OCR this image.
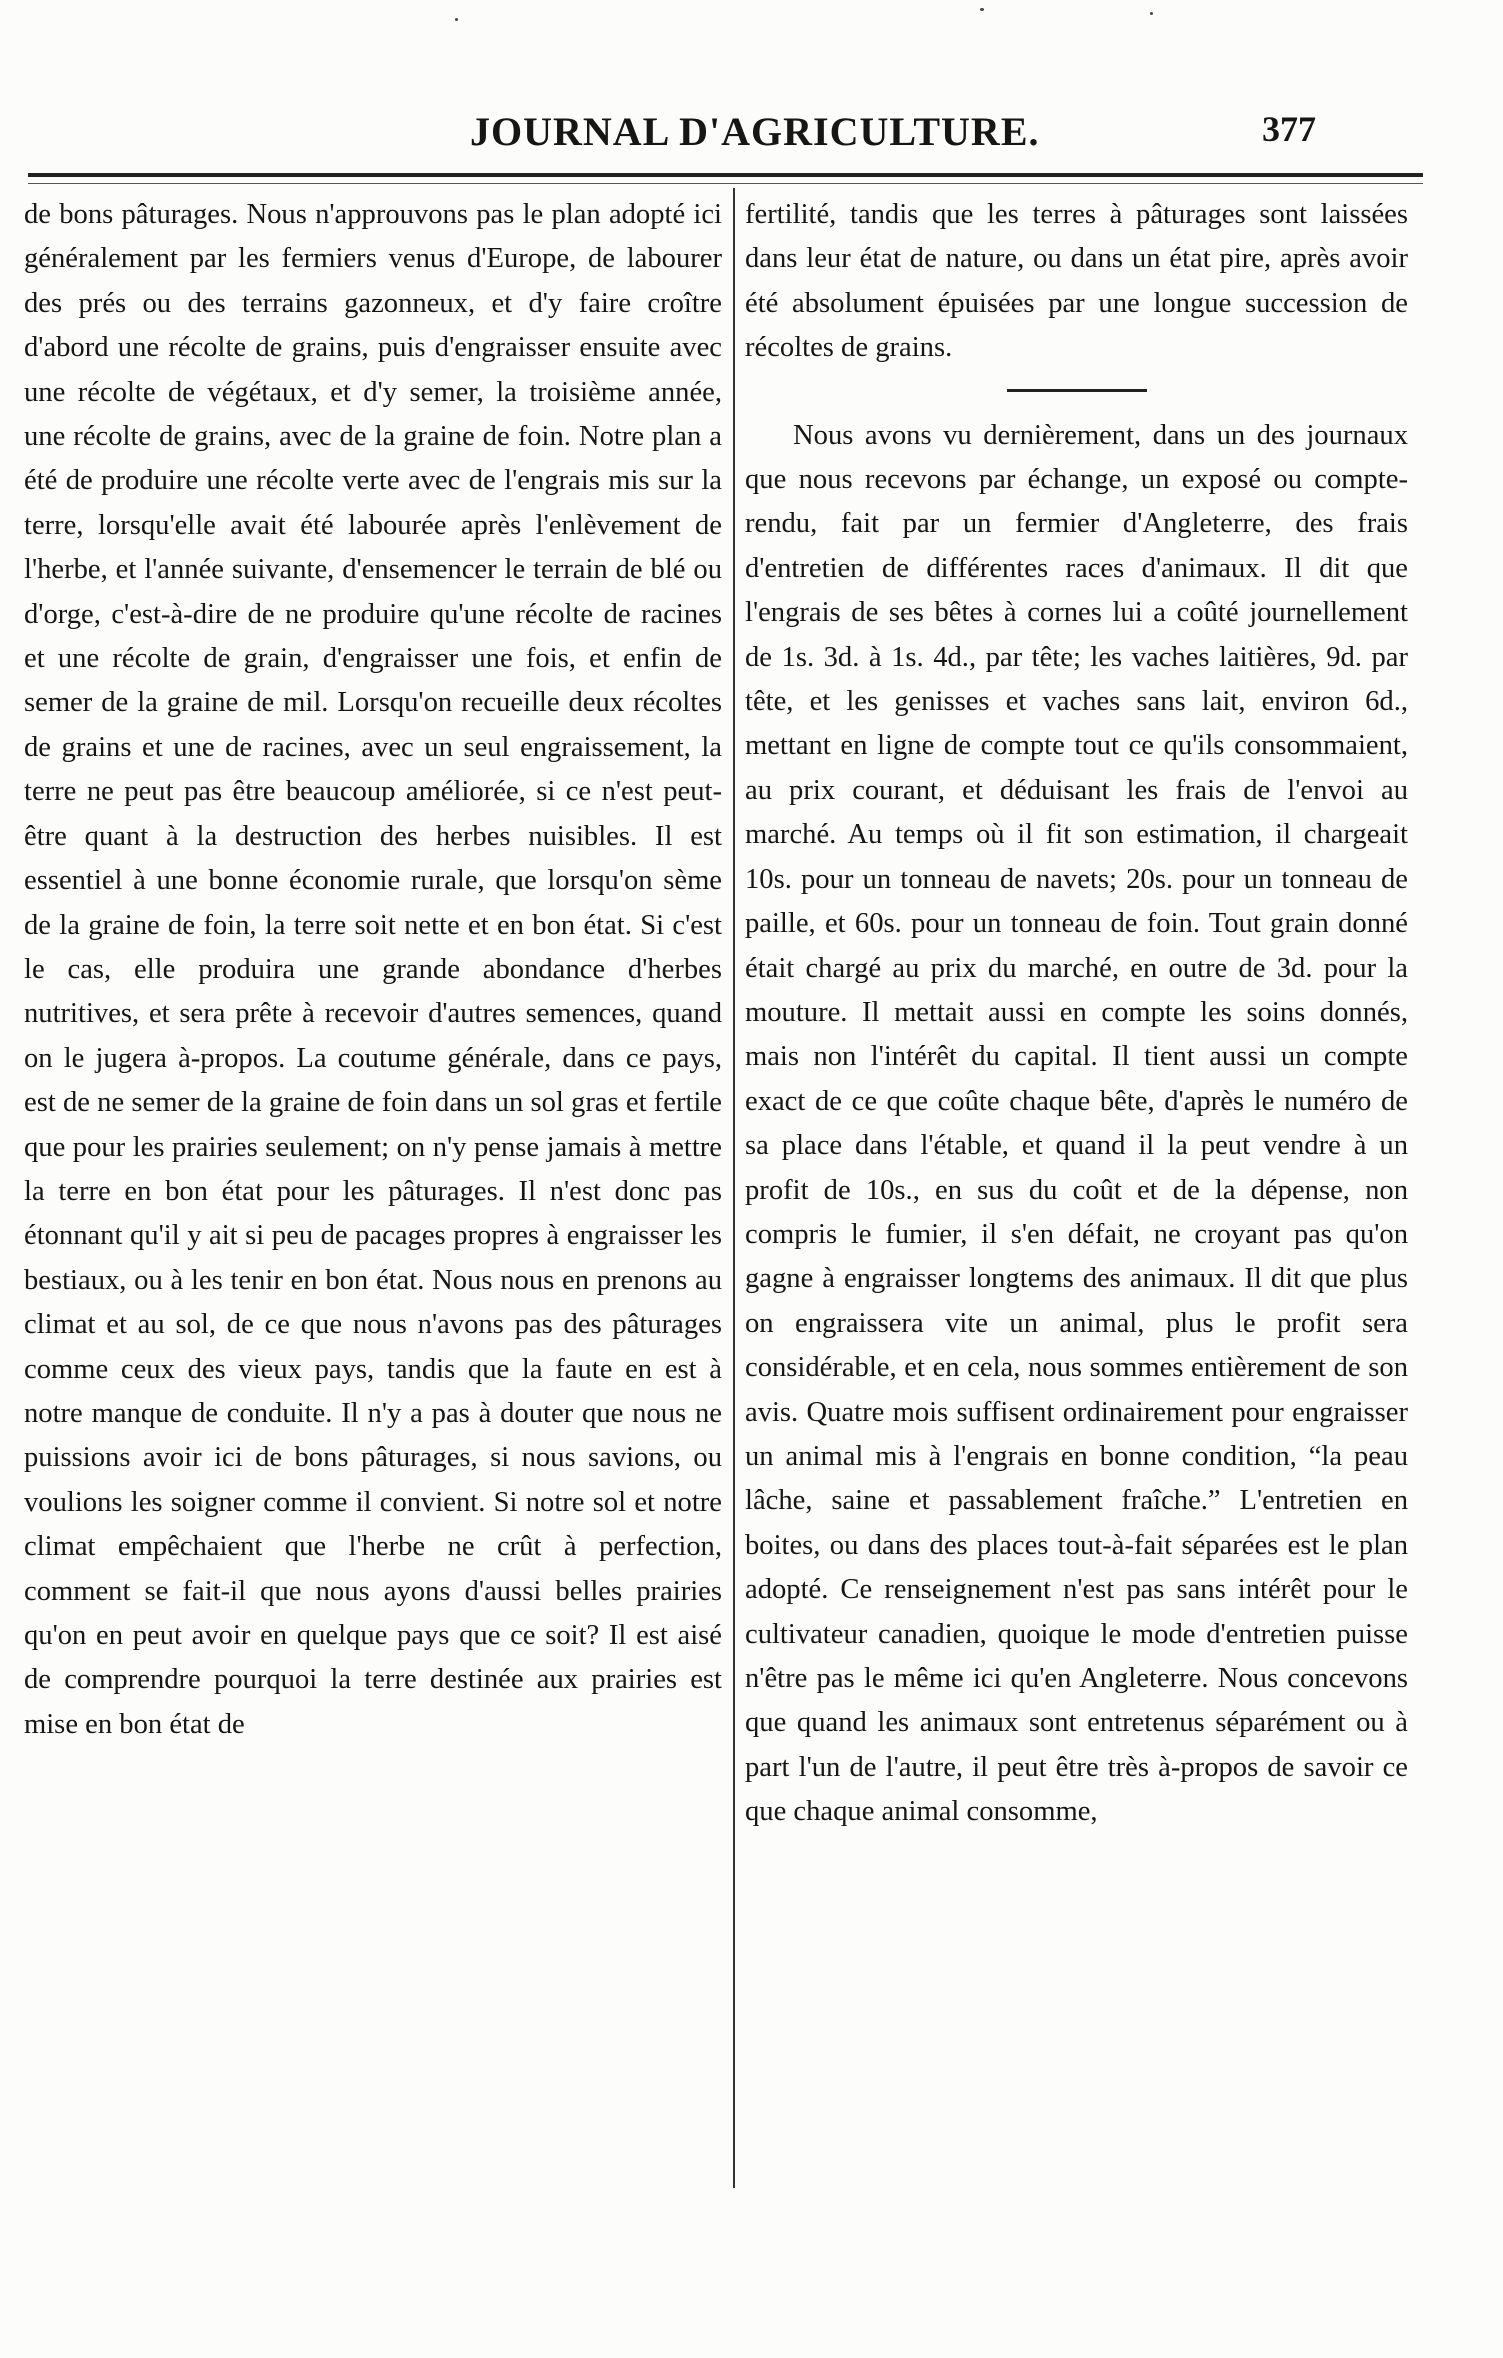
JOURNAL D'AGRICULTURE.	377

de bons pâturages. Nous n'approuvons pas le plan adopté ici généralement par les fermiers venus d'Europe, de labourer des prés ou des terrains gazonneux, et d'y faire croître d'abord une récolte de grains, puis d'engraisser ensuite avec une récolte de végétaux, et d'y semer, la troisième année, une récolte de grains, avec de la graine de foin. Notre plan a été de produire une récolte verte avec de l'engrais mis sur la terre, lorsqu'elle avait été labourée après l'enlèvement de l'herbe, et l'année suivante, d'ensemencer le terrain de blé ou d'orge, c'est-à-dire de ne produire qu'une récolte de racines et une récolte de grain, d'engraisser une fois, et enfin de semer de la graine de mil. Lorsqu'on recueille deux récoltes de grains et une de racines, avec un seul engraissement, la terre ne peut pas être beaucoup améliorée, si ce n'est peut-être quant à la destruction des herbes nuisibles. Il est essentiel à une bonne économie rurale, que lorsqu'on sème de la graine de foin, la terre soit nette et en bon état. Si c'est le cas, elle produira une grande abondance d'herbes nutritives, et sera prête à recevoir d'autres semences, quand on le jugera à-propos. La coutume générale, dans ce pays, est de ne semer de la graine de foin dans un sol gras et fertile que pour les prairies seulement; on n'y pense jamais à mettre la terre en bon état pour les pâturages. Il n'est donc pas étonnant qu'il y ait si peu de pacages propres à engraisser les bestiaux, ou à les tenir en bon état. Nous nous en prenons au climat et au sol, de ce que nous n'avons pas des pâturages comme ceux des vieux pays, tandis que la faute en est à notre manque de conduite. Il n'y a pas à douter que nous ne puissions avoir ici de bons pâturages, si nous savions, ou voulions les soigner comme il convient. Si notre sol et notre climat empêchaient que l'herbe ne crût à perfection, comment se fait-il que nous ayons d'aussi belles prairies qu'on en peut avoir en quelque pays que ce soit? Il est aisé de comprendre pourquoi la terre destinée aux prairies est mise en bon état de

fertilité, tandis que les terres à pâturages sont laissées dans leur état de nature, ou dans un état pire, après avoir été absolument épuisées par une longue succession de récoltes de grains.

Nous avons vu dernièrement, dans un des journaux que nous recevons par échange, un exposé ou compte-rendu, fait par un fermier d'Angleterre, des frais d'entretien de différentes races d'animaux. Il dit que l'engrais de ses bêtes à cornes lui a coûté journellement de 1s. 3d. à 1s. 4d., par tête; les vaches laitières, 9d. par tête, et les genisses et vaches sans lait, environ 6d., mettant en ligne de compte tout ce qu'ils consommaient, au prix courant, et déduisant les frais de l'envoi au marché. Au temps où il fit son estimation, il chargeait 10s. pour un tonneau de navets; 20s. pour un tonneau de paille, et 60s. pour un tonneau de foin. Tout grain donné était chargé au prix du marché, en outre de 3d. pour la mouture. Il mettait aussi en compte les soins donnés, mais non l'intérêt du capital. Il tient aussi un compte exact de ce que coûte chaque bête, d'après le numéro de sa place dans l'étable, et quand il la peut vendre à un profit de 10s., en sus du coût et de la dépense, non compris le fumier, il s'en défait, ne croyant pas qu'on gagne à engraisser longtems des animaux. Il dit que plus on engraissera vite un animal, plus le profit sera considérable, et en cela, nous sommes entièrement de son avis. Quatre mois suffisent ordinairement pour engraisser un animal mis à l'engrais en bonne condition, “la peau lâche, saine et passablement fraîche.” L'entretien en boites, ou dans des places tout-à-fait séparées est le plan adopté. Ce renseignement n'est pas sans intérêt pour le cultivateur canadien, quoique le mode d'entretien puisse n'être pas le même ici qu'en Angleterre. Nous concevons que quand les animaux sont entretenus séparément ou à part l'un de l'autre, il peut être très à-propos de savoir ce que chaque animal consomme,
